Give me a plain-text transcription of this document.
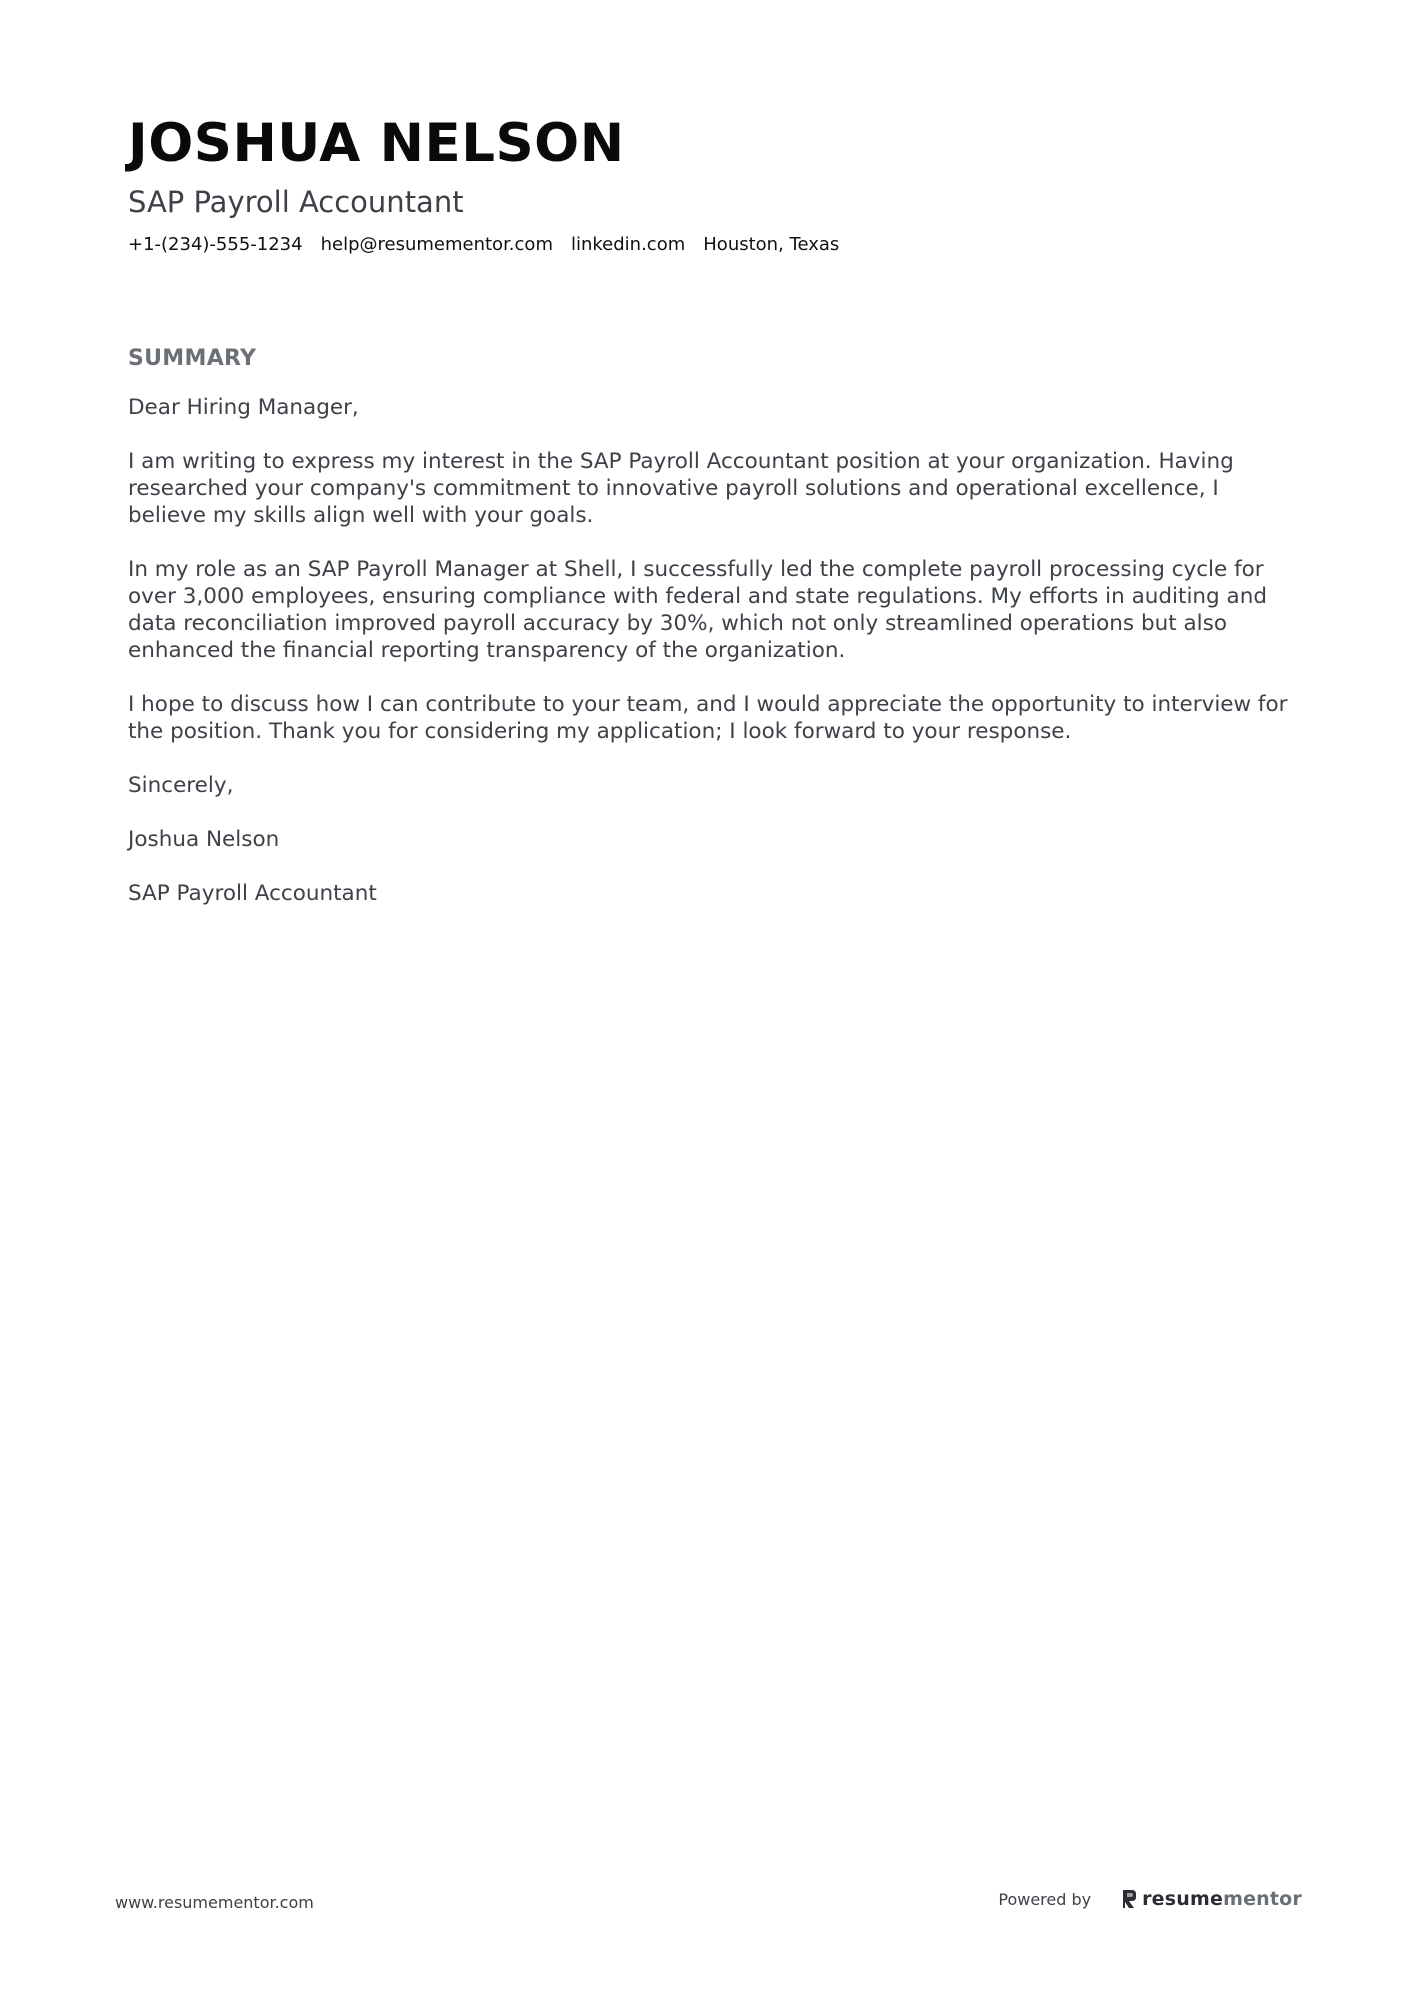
JOSHUA NELSON
SAP Payroll Accountant
+1-(234)-555-1234 help@resumementor.com linkedin.com Houston, Texas
SUMMARY

Dear Hiring Manager,

I am writing to express my interest in the SAP Payroll Accountant position at your organization. Having researched your company's commitment to innovative payroll solutions and operational excellence, I believe my skills align well with your goals.

In my role as an SAP Payroll Manager at Shell, I successfully led the complete payroll processing cycle for over 3,000 employees, ensuring compliance with federal and state regulations. My efforts in auditing and data reconciliation improved payroll accuracy by 30%, which not only streamlined operations but also enhanced the financial reporting transparency of the organization.

I hope to discuss how I can contribute to your team, and I would appreciate the opportunity to interview for the position. Thank you for considering my application; I look forward to your response.

Sincerely,

Joshua Nelson

SAP Payroll Accountant

www.resumementor.com	Powered by	resume mentor
